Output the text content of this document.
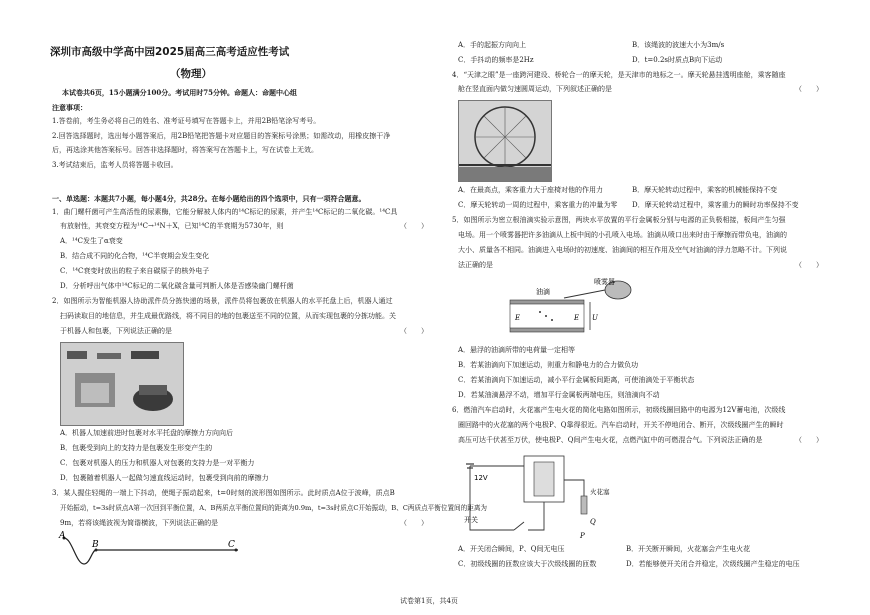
深圳市高级中学高中园2025届高三高考适应性考试
（物理）
本试卷共6页，15小题满分100分。考试用时75分钟。命题人：命题中心组
注意事项：
1.答卷前，考生务必将自己的姓名、准考证号填写在答题卡上，并用2B铅笔涂写考号。
2.回答选择题时，选出每小题答案后，用2B铅笔把答题卡对应题目的答案标号涂黑；如需改动，用橡皮擦干净
后，再选涂其他答案标号。回答非选择题时，将答案写在答题卡上，写在试卷上无效。
3.考试结束后，监考人员将答题卡收回。
一、单选题：本题共7小题，每小题4分，共28分。在每小题给出的四个选项中，只有一项符合题意。
1．曲门螺杆菌可产生高活性的尿素酶，它能分解被人体内的¹⁴C标记的尿素，并产生¹⁴C标记的二氧化碳。¹⁴C具
有放射性，其衰变方程为¹⁴C→¹⁴N＋X，已知¹⁴C的半衰期为5730年，则	（　　）
A．¹⁴C发生了α衰变
B．结合成不同的化合物，¹⁴C半衰期会发生变化
C．¹⁴C衰变时放出的粒子来自碳原子的核外电子
D．分析呼出气体中¹⁴C标记的二氧化碳含量可判断人体是否感染幽门螺杆菌
2．如图所示为智能机器人协助派件员分拣快递的场景，派件员将包裹放在机器人的水平托盘上后，机器人通过
扫码读取目的地信息，并生成最优路线，将不同目的地的包裹送至不同的位置，从而实现包裹的分拣功能。关
于机器人和包裹，下列说法正确的是	（　　）
A．机器人加速前进时包裹对水平托盘的摩擦力方向向后
B．包裹受到向上的支持力是包裹发生形变产生的
C．包裹对机器人的压力和机器人对包裹的支持力是一对平衡力
D．包裹随着机器人一起做匀速直线运动时，包裹受到向前的摩擦力
3．某人握住轻绳的一端上下抖动，使绳子振动起来，t=0时刻的波形图如图所示。此时质点A位于波峰，质点B
开始振动，t=3s时质点A第一次回到平衡位置，A、B两质点平衡位置间的距离为0.9m，t=3s时质点C开始振动，B、C两质点平衡位置间的距离为
9m，若将该绳波视为简谐横波，下列说法正确的是	（　　）
A
B	C
A．手的起振方向向上	B．该绳波的波速大小为3m/s
C．手抖动的频率是2Hz	D．t=0.2s时质点B向下运动
4．“天津之眼”是一座跨河建设、桥轮合一的摩天轮，是天津市的地标之一。摩天轮悬挂透明座舱，乘客随座
舱在竖直面内做匀速圆周运动，下列叙述正确的是	（　　）
A．在最高点，乘客重力大于座椅对他的作用力	B．摩天轮转动过程中，乘客的机械能保持不变
C．摩天轮转动一周的过程中，乘客重力的冲量为零 D．摩天轮转动过程中，乘客重力的瞬时功率保持不变
5．如图所示为密立根油滴实验示意图，两块水平放置的平行金属板分别与电源的正负极相接，板间产生匀强
电场。用一个喷雾器把许多油滴从上板中间的小孔喷入电场。油滴从喷口出来时由于摩擦而带负电，油滴的
大小、质量各不相同。油滴进入电场时的初速度、油滴间的相互作用及空气对油滴的浮力忽略不计。下列说
法正确的是	（　　）
喷雾器
油滴
E	E U
A．悬浮的油滴所带的电荷量一定相等
B．若某油滴向下加速运动，则重力和静电力的合力做负功
C．若某油滴向下加速运动，减小平行金属板间距离，可使油滴处于平衡状态
D．若某油滴悬浮不动，增加平行金属板两端电压，则油滴向不动
6．燃油汽车启动时，火花塞产生电火花的简化电路如图所示，初级线圈回路中的电源为12V蓄电池，次级线
圈回路中的火花塞的两个电极P、Q靠得很近。汽车启动时，开关不停地闭合、断开，次级线圈产生的瞬时
高压可达千伏甚至万伏，使电极P、Q间产生电火花，点燃汽缸中的可燃混合气。下列说法正确的是	（　　）
12V
开关
火花塞
P
Q
A．开关闭合瞬间，P、Q间无电压	B．开关断开瞬间，火花塞会产生电火花
C．初级线圈的匝数应该大于次级线圈的匝数	D．若能够使开关闭合并稳定，次级线圈产生稳定的电压
试卷第1页，共4页
